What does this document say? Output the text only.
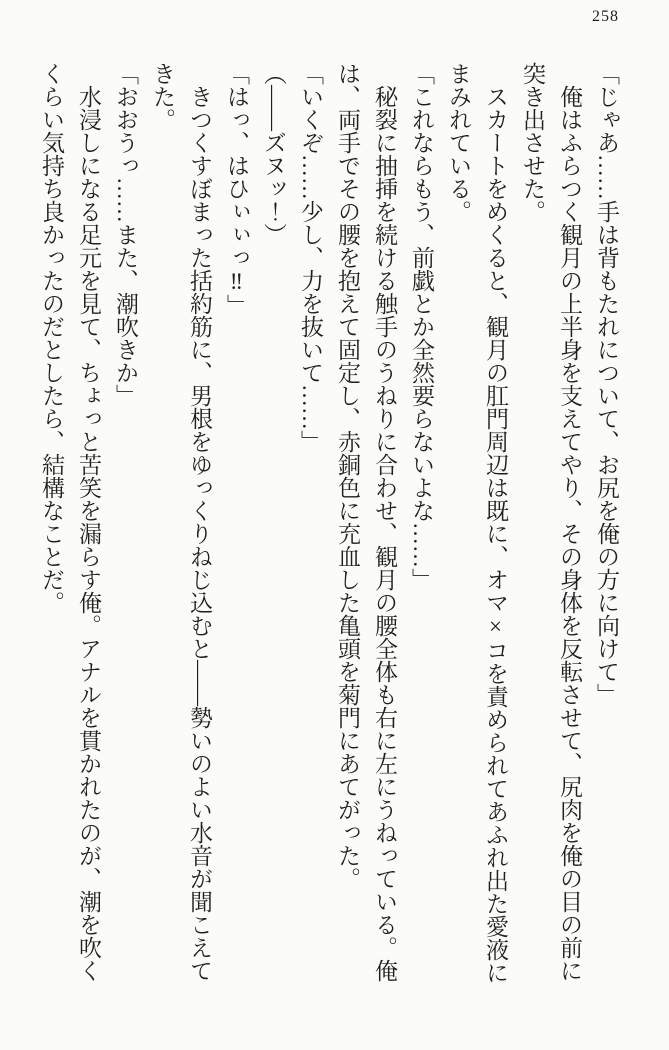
258

「じゃあ……手は背もたれについて、お尻を俺の方に向けて」

俺はふらつく観月の上半身を支えてやり、その身体を反転させて、尻肉を俺の目の前に突き出させた。

スカートをめくると、観月の肛門周辺は既に、オマ×コを責められてあふれ出た愛液にまみれている。

「これならもう、前戯とか全然要らないよな……」

秘裂に抽挿を続ける触手のうねりに合わせ、観月の腰全体も右に左にうねっている。俺は、両手でその腰を抱えて固定し、赤銅色に充血した亀頭を菊門にあてがった。

「いくぞ……少し、力を抜いて……」

（――ズヌッ！）

「はっ、はひぃぃっ‼」

きつくすぼまった括約筋に、男根をゆっくりねじ込むと――勢いのよい水音が聞こえてきた。

「おおうっ……また、潮吹きか」

水浸しになる足元を見て、ちょっと苦笑を漏らす俺。アナルを貫かれたのが、潮を吹くくらい気持ち良かったのだとしたら、結構なことだ。
